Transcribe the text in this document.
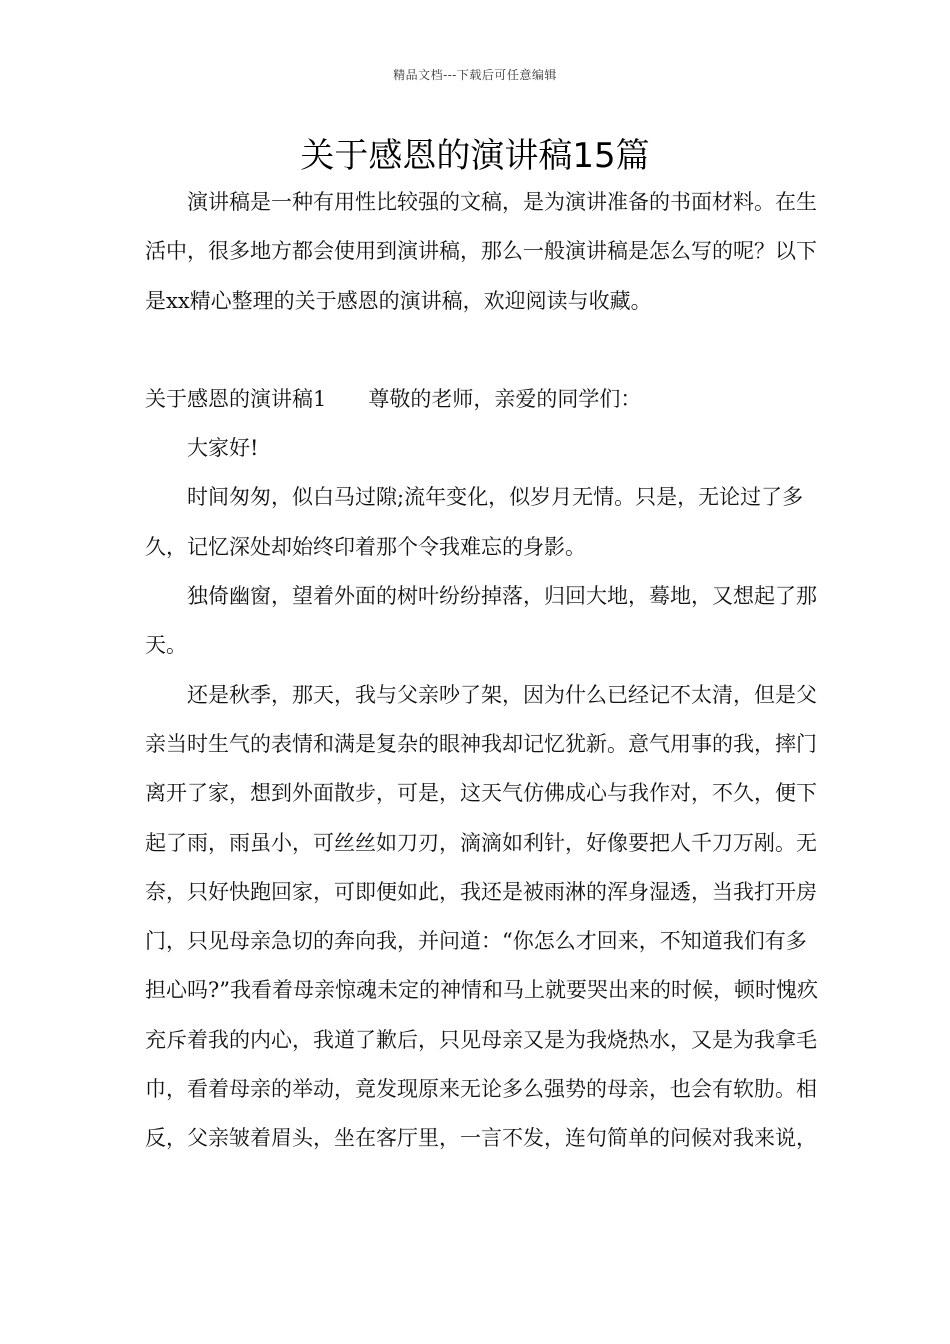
精品文档---下载后可任意编辑
关于感恩的演讲稿15篇

演讲稿是一种有用性比较强的文稿，是为演讲准备的书面材料。在生活中，很多地方都会使用到演讲稿，那么一般演讲稿是怎么写的呢？以下是xx精心整理的关于感恩的演讲稿，欢迎阅读与收藏。

关于感恩的演讲稿1 尊敬的老师，亲爱的同学们：

大家好!

时间匆匆，似白马过隙;流年变化，似岁月无情。只是，无论过了多久，记忆深处却始终印着那个令我难忘的身影。

独倚幽窗，望着外面的树叶纷纷掉落，归回大地，蓦地，又想起了那天。

还是秋季，那天，我与父亲吵了架，因为什么已经记不太清，但是父亲当时生气的表情和满是复杂的眼神我却记忆犹新。意气用事的我，摔门离开了家，想到外面散步，可是，这天气仿佛成心与我作对，不久，便下起了雨，雨虽小，可丝丝如刀刃，滴滴如利针，好像要把人千刀万剐。无奈，只好快跑回家，可即便如此，我还是被雨淋的浑身湿透，当我打开房门，只见母亲急切的奔向我，并问道：“你怎么才回来，不知道我们有多担心吗?”我看着母亲惊魂未定的神情和马上就要哭出来的时候，顿时愧疚充斥着我的内心，我道了歉后，只见母亲又是为我烧热水，又是为我拿毛巾，看着母亲的举动，竟发现原来无论多么强势的母亲，也会有软肋。相反，父亲皱着眉头，坐在客厅里，一言不发，连句简单的问候对我来说，
